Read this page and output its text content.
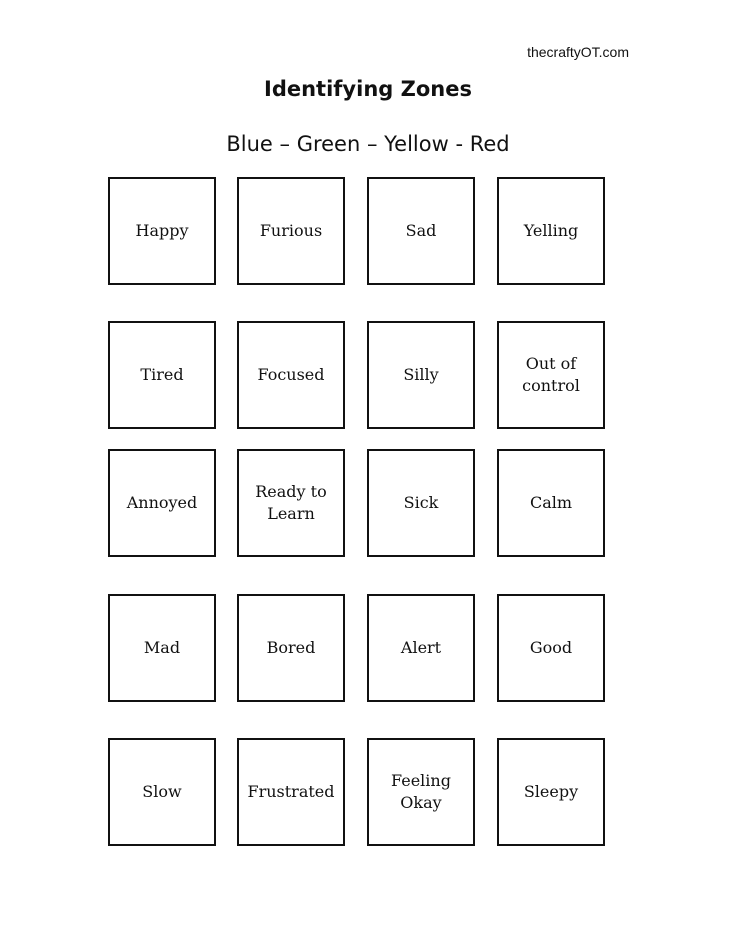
thecraftyOT.com
Identifying Zones
Blue – Green – Yellow - Red
Happy	Furious	Sad	Yelling
Tired	Focused	Silly
Out of
control
Annoyed
Ready to
Learn
Sick	Calm
Mad	Bored	Alert	Good
Slow	Frustrated
Feeling
Okay
Sleepy
